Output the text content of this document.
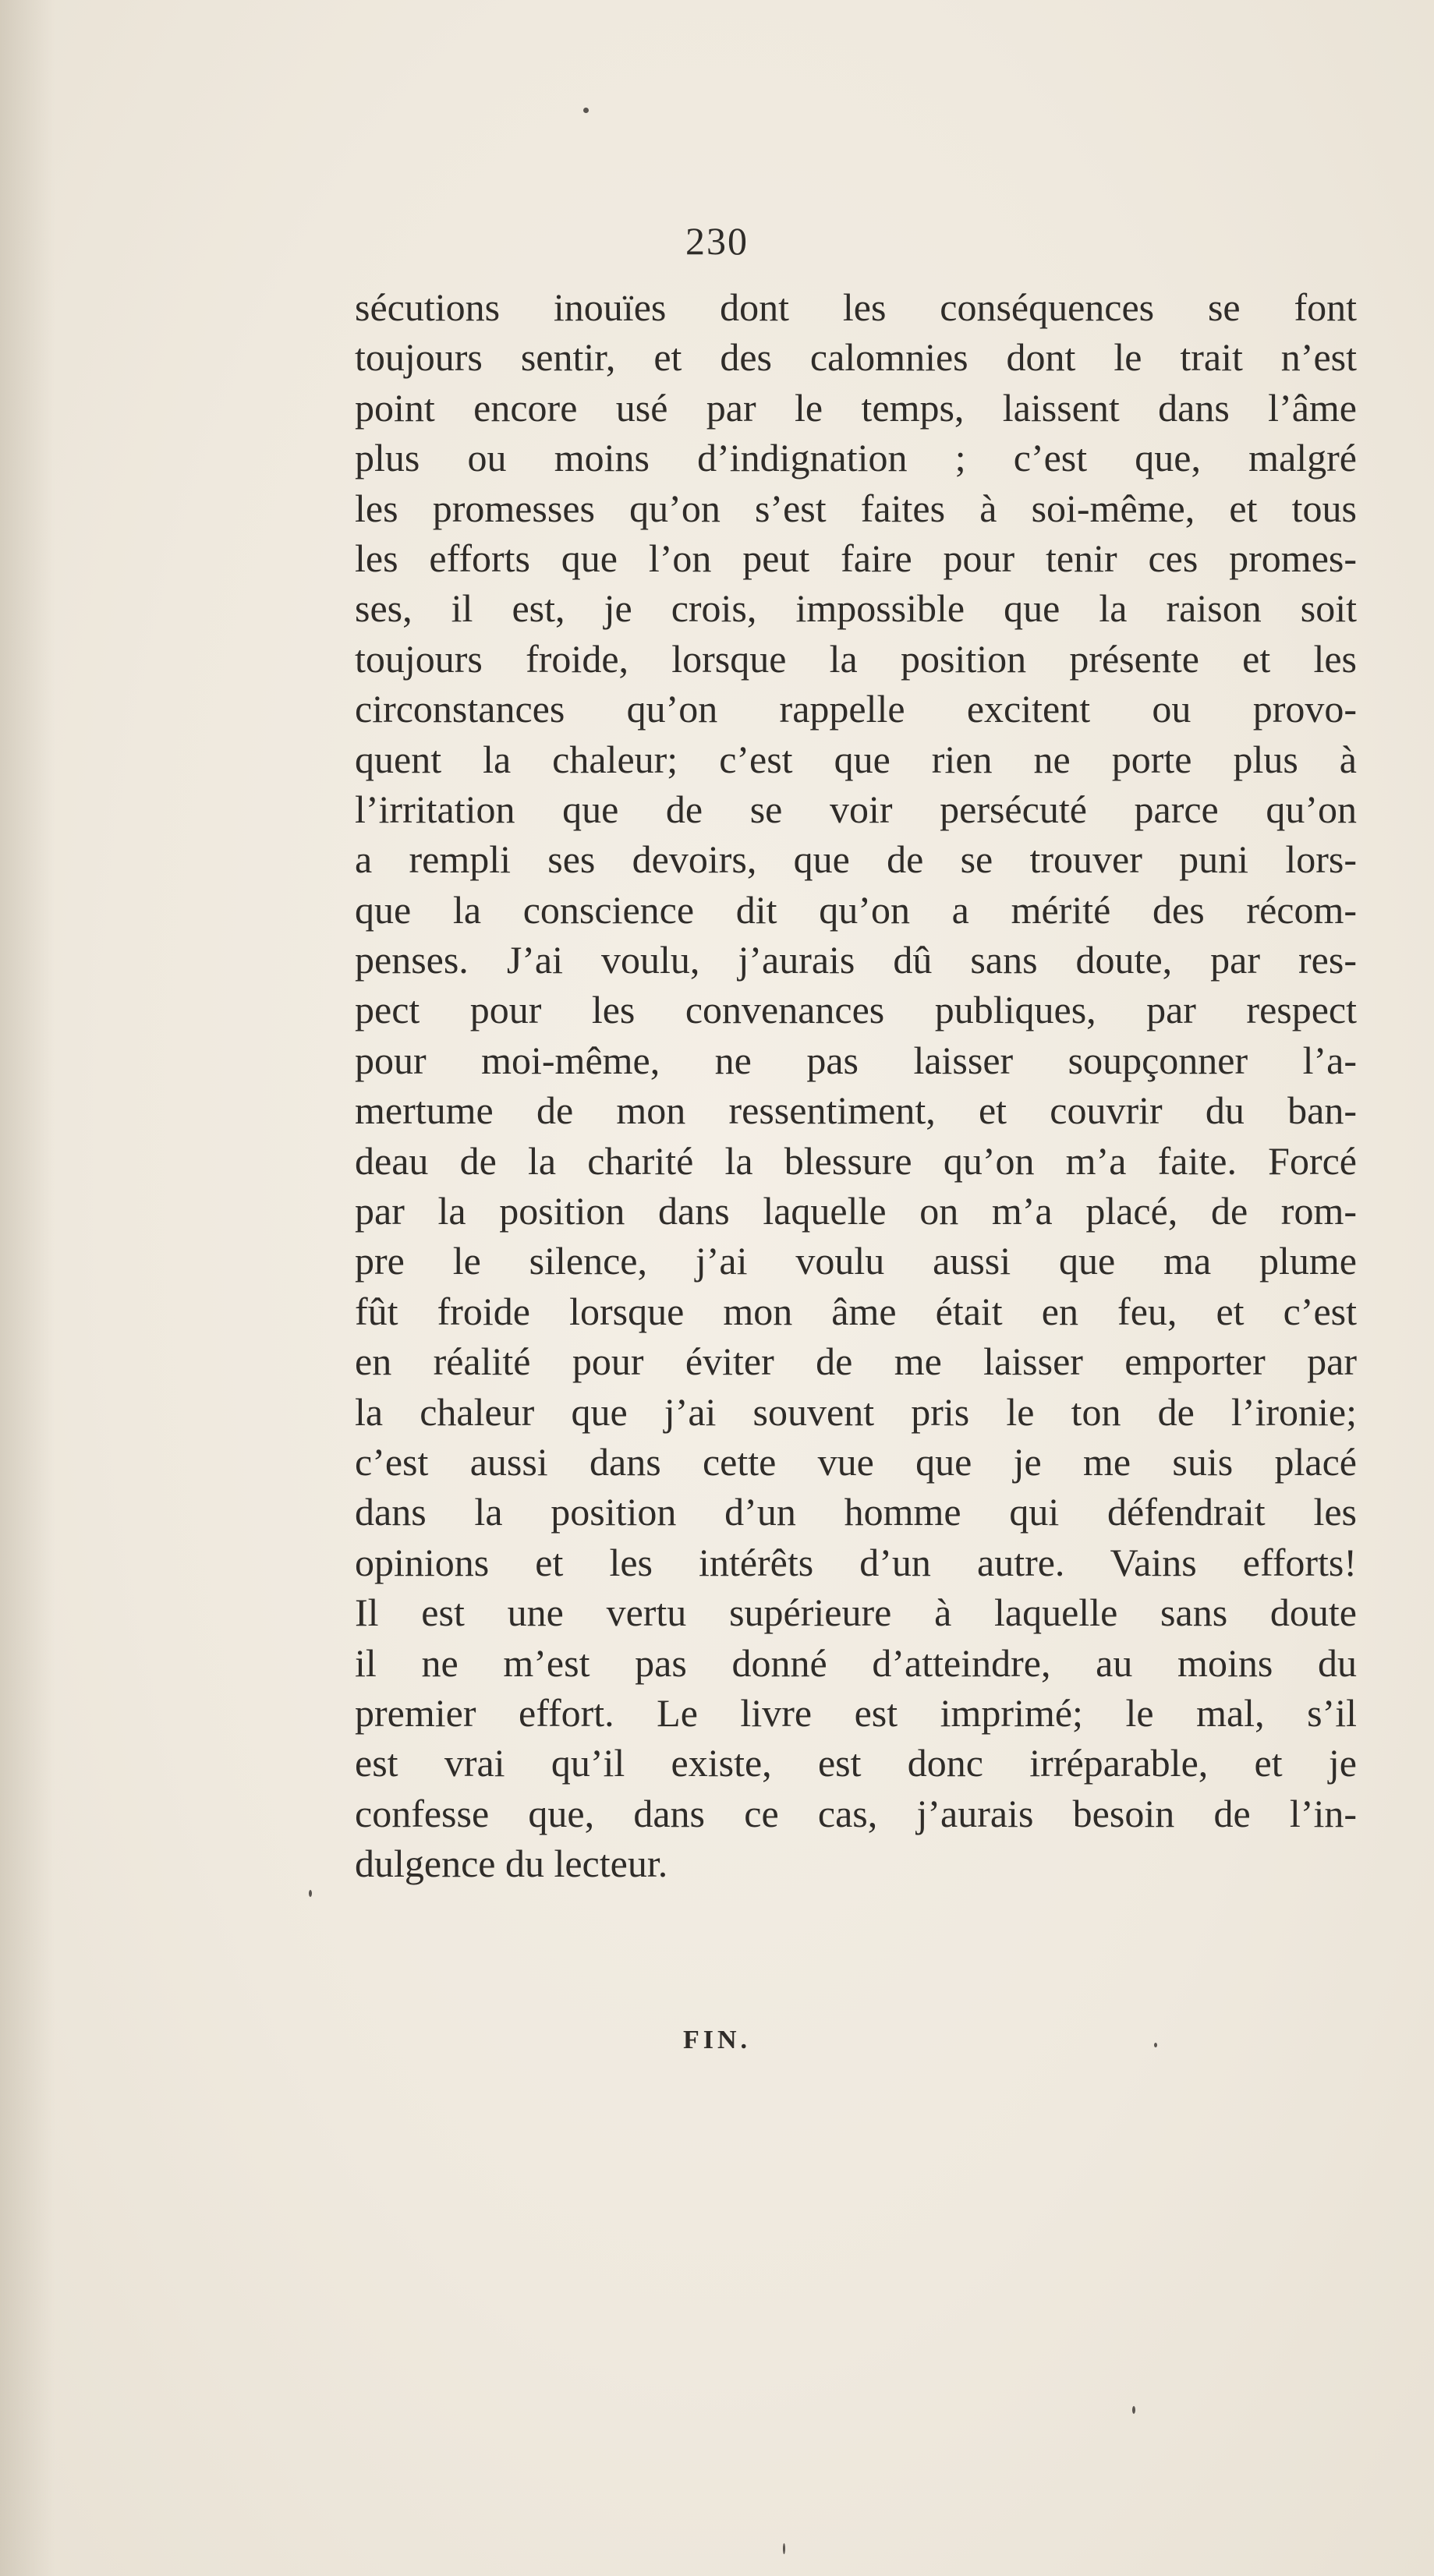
230
sécutions inouïes dont les conséquences se font
toujours sentir, et des calomnies dont le trait n’est
point encore usé par le temps, laissent dans l’âme
plus ou moins d’indignation ; c’est que, malgré
les promesses qu’on s’est faites à soi-même, et tous
les efforts que l’on peut faire pour tenir ces promes-
ses, il est, je crois, impossible que la raison soit
toujours froide, lorsque la position présente et les
circonstances qu’on rappelle excitent ou provo-
quent la chaleur; c’est que rien ne porte plus à
l’irritation que de se voir persécuté parce qu’on
a rempli ses devoirs, que de se trouver puni lors-
que la conscience dit qu’on a mérité des récom-
penses. J’ai voulu, j’aurais dû sans doute, par res-
pect pour les convenances publiques, par respect
pour moi-même, ne pas laisser soupçonner l’a-
mertume de mon ressentiment, et couvrir du ban-
deau de la charité la blessure qu’on m’a faite. Forcé
par la position dans laquelle on m’a placé, de rom-
pre le silence, j’ai voulu aussi que ma plume
fût froide lorsque mon âme était en feu, et c’est
en réalité pour éviter de me laisser emporter par
la chaleur que j’ai souvent pris le ton de l’ironie;
c’est aussi dans cette vue que je me suis placé
dans la position d’un homme qui défendrait les
opinions et les intérêts d’un autre. Vains efforts!
Il est une vertu supérieure à laquelle sans doute
il ne m’est pas donné d’atteindre, au moins du
premier effort. Le livre est imprimé; le mal, s’il
est vrai qu’il existe, est donc irréparable, et je
confesse que, dans ce cas, j’aurais besoin de l’in-
dulgence du lecteur.
FIN.
